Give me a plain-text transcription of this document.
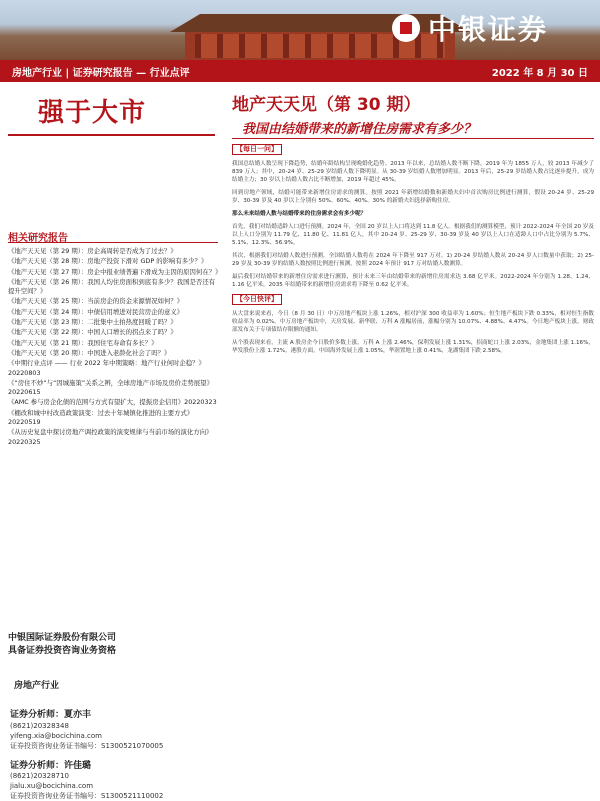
中银证券
房地产行业 | 证券研究报告 — 行业点评	2022 年 8 月 30 日
强于大市
相关研究报告
《地产天天见（第 29 期）：房企高周转是否成为了过去？》
《地产天天见（第 28 期）：房地产投资下滑对 GDP 的影响有多少？》
《地产天天见（第 27 期）：房企中报业绩普遍下滑成为主因的原因何在？》
《地产天天见（第 26 期）：我国人均住房面积到底有多少？我国是否还有提升空间？》
《地产天天见（第 25 期）：当前房企的资金来源情况如何？》
《地产天天见（第 24 期）：中债信用增进对民营房企的意义》
《地产天天见（第 23 期）：二批集中土拍热度回暖了吗？》
《地产天天见（第 22 期）：中国人口增长的拐点来了吗？》
《地产天天见（第 21 期）：我国住宅寿命有多长？》
《地产天天见（第 20 期）：中国进入老龄化社会了吗？》
《中期行业点评 —— 行业 2022 年中期策略：地产行业何时企稳？》20220803
《“房住不炒”与“因城施策”关系之辨，全球房地产市场及房价走势展望》20220615
《AMC 参与房企化债的范围与方式有望扩大，提振房企信用》20220323
《棚改和城中村改造政策演变：过去十年城镇化推进的主要方式》20220519
《从历史复盘中探讨房地产调控政策的演变规律与当前市场的演化方向》20220325
中银国际证券股份有限公司
具备证券投资咨询业务资格
房地产行业
证券分析师：夏亦丰
(8621)20328348
yifeng.xia@bocichina.com
证券投资咨询业务证书编号：S1300521070005
证券分析师：许佳璐
(8621)20328710
jialu.xu@bocichina.com
证券投资咨询业务证书编号：S1300521110002
地产天天见（第 30 期）
我国由结婚带来的新增住房需求有多少？

【每日一问】

我国总结婚人数呈现下降趋势，结婚年龄结构呈现晚婚化趋势。2013 年以来，总结婚人数不断下降，2019 年为 1855 万人，较 2013 年减少了 839 万人；其中，20-24 岁、25-29 岁结婚人数下降明显。从 30-39 岁结婚人数增加明显。2013 年后，25-29 岁结婚人数占比逐步提升，成为结婚主力；30 岁以上结婚人数占比不断增加，2019 年超过 45%。

回到房地产领域，结婚可能带来新增住房需求的测算。按照 2021 年新增结婚数和新婚夫妇中首次购房比例进行测算，假设 20-24 岁、25-29 岁、30-39 岁及 40 岁以上分别有 50%、60%、40%、30% 的新婚夫妇选择新购住房。

那么未来结婚人数与结婚带来的住房需求会有多少呢？

首先，我们对结婚适龄人口进行预测。2024 年，全国 20 岁以上人口将达到 11.8 亿人。根据我们的测算模型，预计 2022-2024 年全国 20 岁及以上人口分别为 11.79 亿、11.80 亿、11.81 亿人，其中 20-24 岁、25-29 岁、30-39 岁及 40 岁以上人口在适龄人口中占比分别为 5.7%、5.1%、12.3%、56.9%。

其次，根据我们对结婚人数进行预测，全国结婚人数将在 2024 年下降至 917 万对。1) 20-24 岁结婚人数从 20-24 岁人口数量中获取；2) 25-29 岁及 30-39 岁的结婚人数按照比例进行预测。按照 2024 年预计 917 万对结婚人数测算。

最后我们对结婚带来的新增住房需求进行测算，预计未来三年由结婚带来的新增住房需求达 3.68 亿平米。2022-2024 年分别为 1.28、1.24、1.16 亿平米，2035 年结婚带来的新增住房需求将下降至 0.62 亿平米。

【今日快评】

从大盘来说来看，今日（8 月 30 日）中万房地产板块上涨 1.26%，相对沪深 300 收益率为 1.60%；恒生地产板块下跌 0.33%，相对恒生指数收益率为 0.02%。中万房地产板块中，天房发展、新华联、万科 A 涨幅居前，涨幅分别为 10.07%、4.88%、4.47%。今日地产板块上涨，财政部发布关于专项债结存限额的通知。

从个股表现来看，主流 A 股房企今日股价多数上涨。万科 A 上涨 2.46%，保利发展上涨 1.31%，招商蛇口上涨 2.03%，金地集团上涨 1.16%，华发股份上涨 1.72%。港股方面，中国海外发展上涨 1.05%，华润置地上涨 0.41%，龙湖集团下跌 2.58%。
